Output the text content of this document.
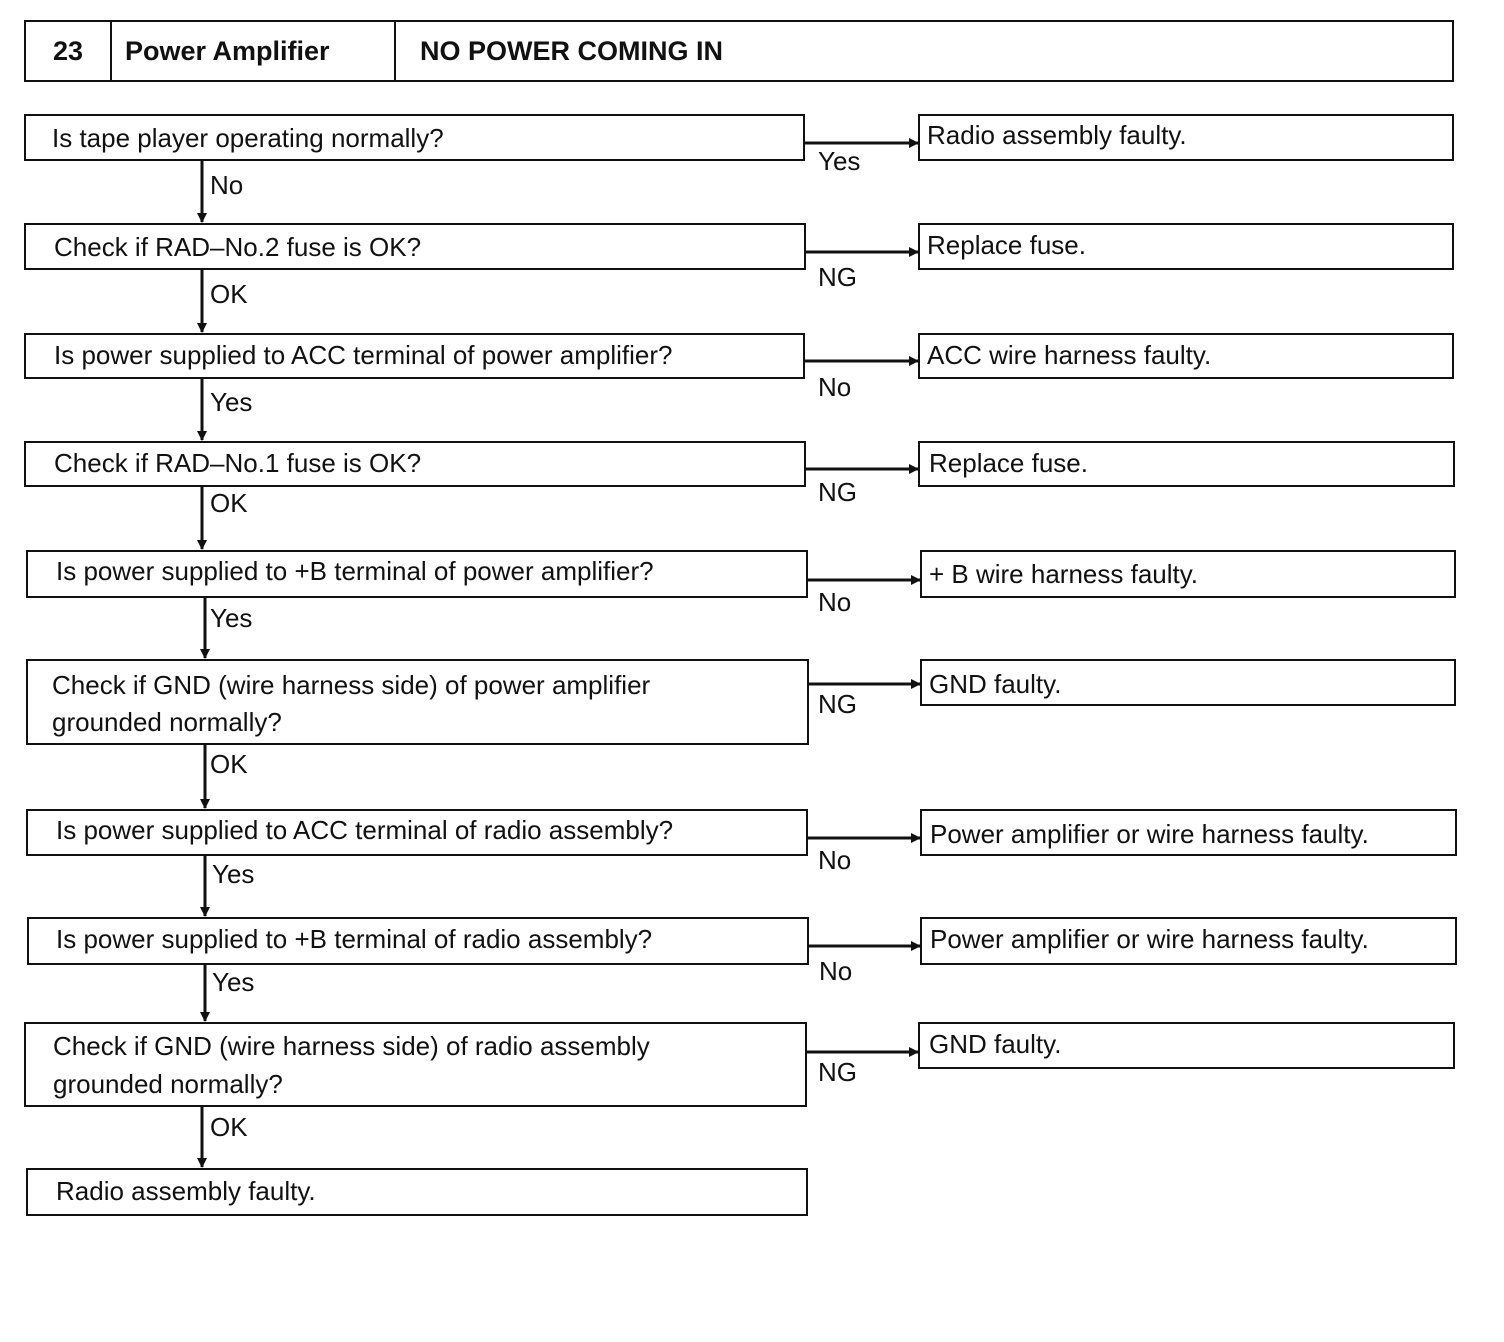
23 Power Amplifier	NO POWER COMING IN
Is tape player operating normally?	Radio assembly faulty.
Yes
No
Check if RAD–No.2 fuse is OK?	Replace fuse.
NG
OK
Is power supplied to ACC terminal of power amplifier?	ACC wire harness faulty.
No
Yes
Check if RAD–No.1 fuse is OK?	Replace fuse.
NG
OK
Is power supplied to +B terminal of power amplifier?	+ B wire harness faulty.
No
Yes
Check if GND (wire harness side) of power amplifier
grounded normally?
GND faulty.
NG
OK
Is power supplied to ACC terminal of radio assembly?	Power amplifier or wire harness faulty.
No
Yes
Is power supplied to +B terminal of radio assembly?	Power amplifier or wire harness faulty.
No
Yes
Check if GND (wire harness side) of radio assembly
grounded normally?
GND faulty.
NG
OK
Radio assembly faulty.
